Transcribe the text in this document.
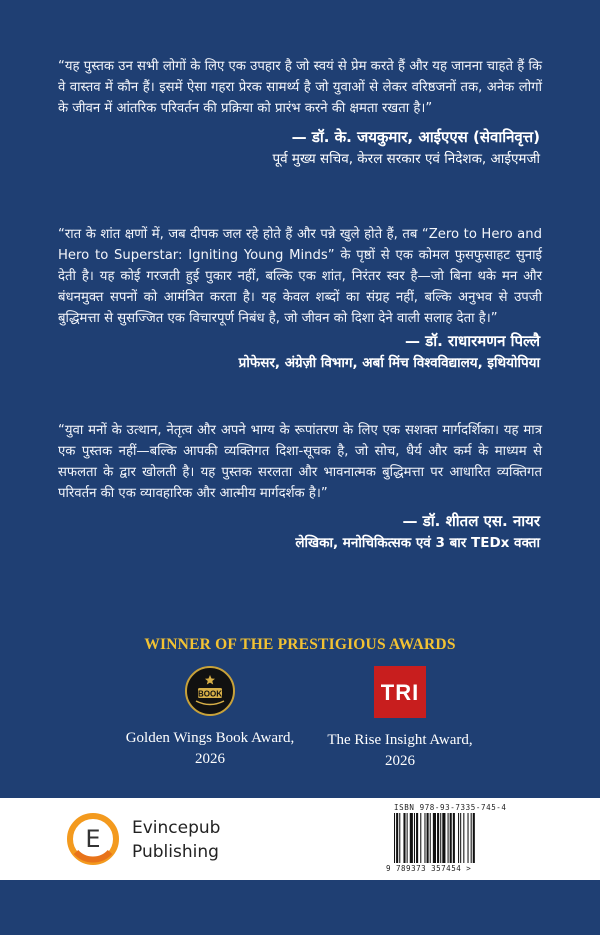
“यह पुस्तक उन सभी लोगों के लिए एक उपहार है जो स्वयं से प्रेम करते हैं और यह जानना चाहते हैं कि वे वास्तव में कौन हैं। इसमें ऐसा गहरा प्रेरक सामर्थ्य है जो युवाओं से लेकर वरिष्ठजनों तक, अनेक लोगों के जीवन में आंतरिक परिवर्तन की प्रक्रिया को प्रारंभ करने की क्षमता रखता है।”

— डॉ. के. जयकुमार, आईएएस (सेवानिवृत्त)
पूर्व मुख्य सचिव, केरल सरकार एवं निदेशक, आईएमजी

“रात के शांत क्षणों में, जब दीपक जल रहे होते हैं और पन्ने खुले होते हैं, तब “Zero to Hero and Hero to Superstar: Igniting Young Minds” के पृष्ठों से एक कोमल फुसफुसाहट सुनाई देती है। यह कोई गरजती हुई पुकार नहीं, बल्कि एक शांत, निरंतर स्वर है—जो बिना थके मन और बंधनमुक्त सपनों को आमंत्रित करता है। यह केवल शब्दों का संग्रह नहीं, बल्कि अनुभव से उपजी बुद्धिमत्ता से सुसज्जित एक विचारपूर्ण निबंध है, जो जीवन को दिशा देने वाली सलाह देता है।”

— डॉ. राधारमणन पिल्लै
प्रोफेसर, अंग्रेज़ी विभाग, अर्बा मिंच विश्वविद्यालय, इथियोपिया

“युवा मनों के उत्थान, नेतृत्व और अपने भाग्य के रूपांतरण के लिए एक सशक्त मार्गदर्शिका। यह मात्र एक पुस्तक नहीं—बल्कि आपकी व्यक्तिगत दिशा-सूचक है, जो सोच, धैर्य और कर्म के माध्यम से सफलता के द्वार खोलती है। यह पुस्तक सरलता और भावनात्मक बुद्धिमत्ता पर आधारित व्यक्तिगत परिवर्तन की एक व्यावहारिक और आत्मीय मार्गदर्शक है।”

— डॉ. शीतल एस. नायर
लेखिका, मनोचिकित्सक एवं 3 बार TEDx वक्ता
WINNER OF THE PRESTIGIOUS AWARDS
BOOK
Golden Wings Book Award,
2026
TRI
The Rise Insight Award,
2026
E Evincepub
Publishing
ISBN 978-93-7335-745-4
9 789373 357454 >
